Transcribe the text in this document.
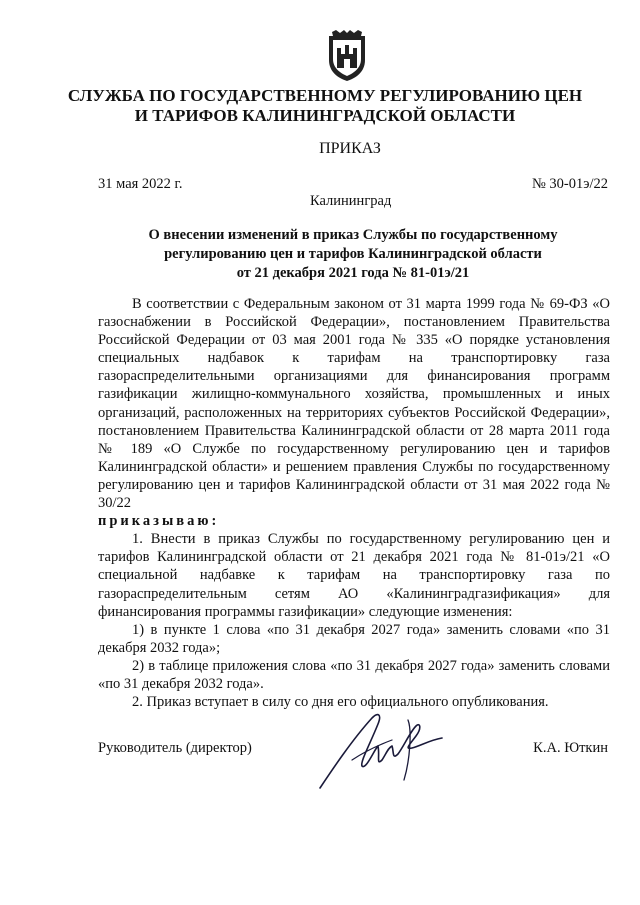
СЛУЖБА ПО ГОСУДАРСТВЕННОМУ РЕГУЛИРОВАНИЮ ЦЕН
И ТАРИФОВ КАЛИНИНГРАДСКОЙ ОБЛАСТИ
ПРИКАЗ
31 мая 2022 г.	№ 30-01э/22
Калининград
О внесении изменений в приказ Службы по государственному
регулированию цен и тарифов Калининградской области
от 21 декабря 2021 года № 81-01э/21

В соответствии с Федеральным законом от 31 марта 1999 года № 69-ФЗ «О газоснабжении в Российской Федерации», постановлением Правительства Российской Федерации от 03 мая 2001 года № 335 «О порядке установления специальных надбавок к тарифам на транспортировку газа газораспределительными организациями для финансирования программ газификации жилищно-коммунального хозяйства, промышленных и иных организаций, расположенных на территориях субъектов Российской Федерации», постановлением Правительства Калининградской области от 28 марта 2011 года № 189 «О Службе по государственному регулированию цен и тарифов Калининградской области» и решением правления Службы по государственному регулированию цен и тарифов Калининградской области от 31 мая 2022 года № 30/22

приказываю:

1. Внести в приказ Службы по государственному регулированию цен и тарифов Калининградской области от 21 декабря 2021 года № 81-01э/21 «О специальной надбавке к тарифам на транспортировку газа по газораспределительным сетям АО «Калининградгазификация» для финансирования программы газификации» следующие изменения:

1) в пункте 1 слова «по 31 декабря 2027 года» заменить словами «по 31 декабря 2032 года»;

2) в таблице приложения слова «по 31 декабря 2027 года» заменить словами «по 31 декабря 2032 года».

2. Приказ вступает в силу со дня его официального опубликования.

Руководитель (директор)	К.А. Юткин
